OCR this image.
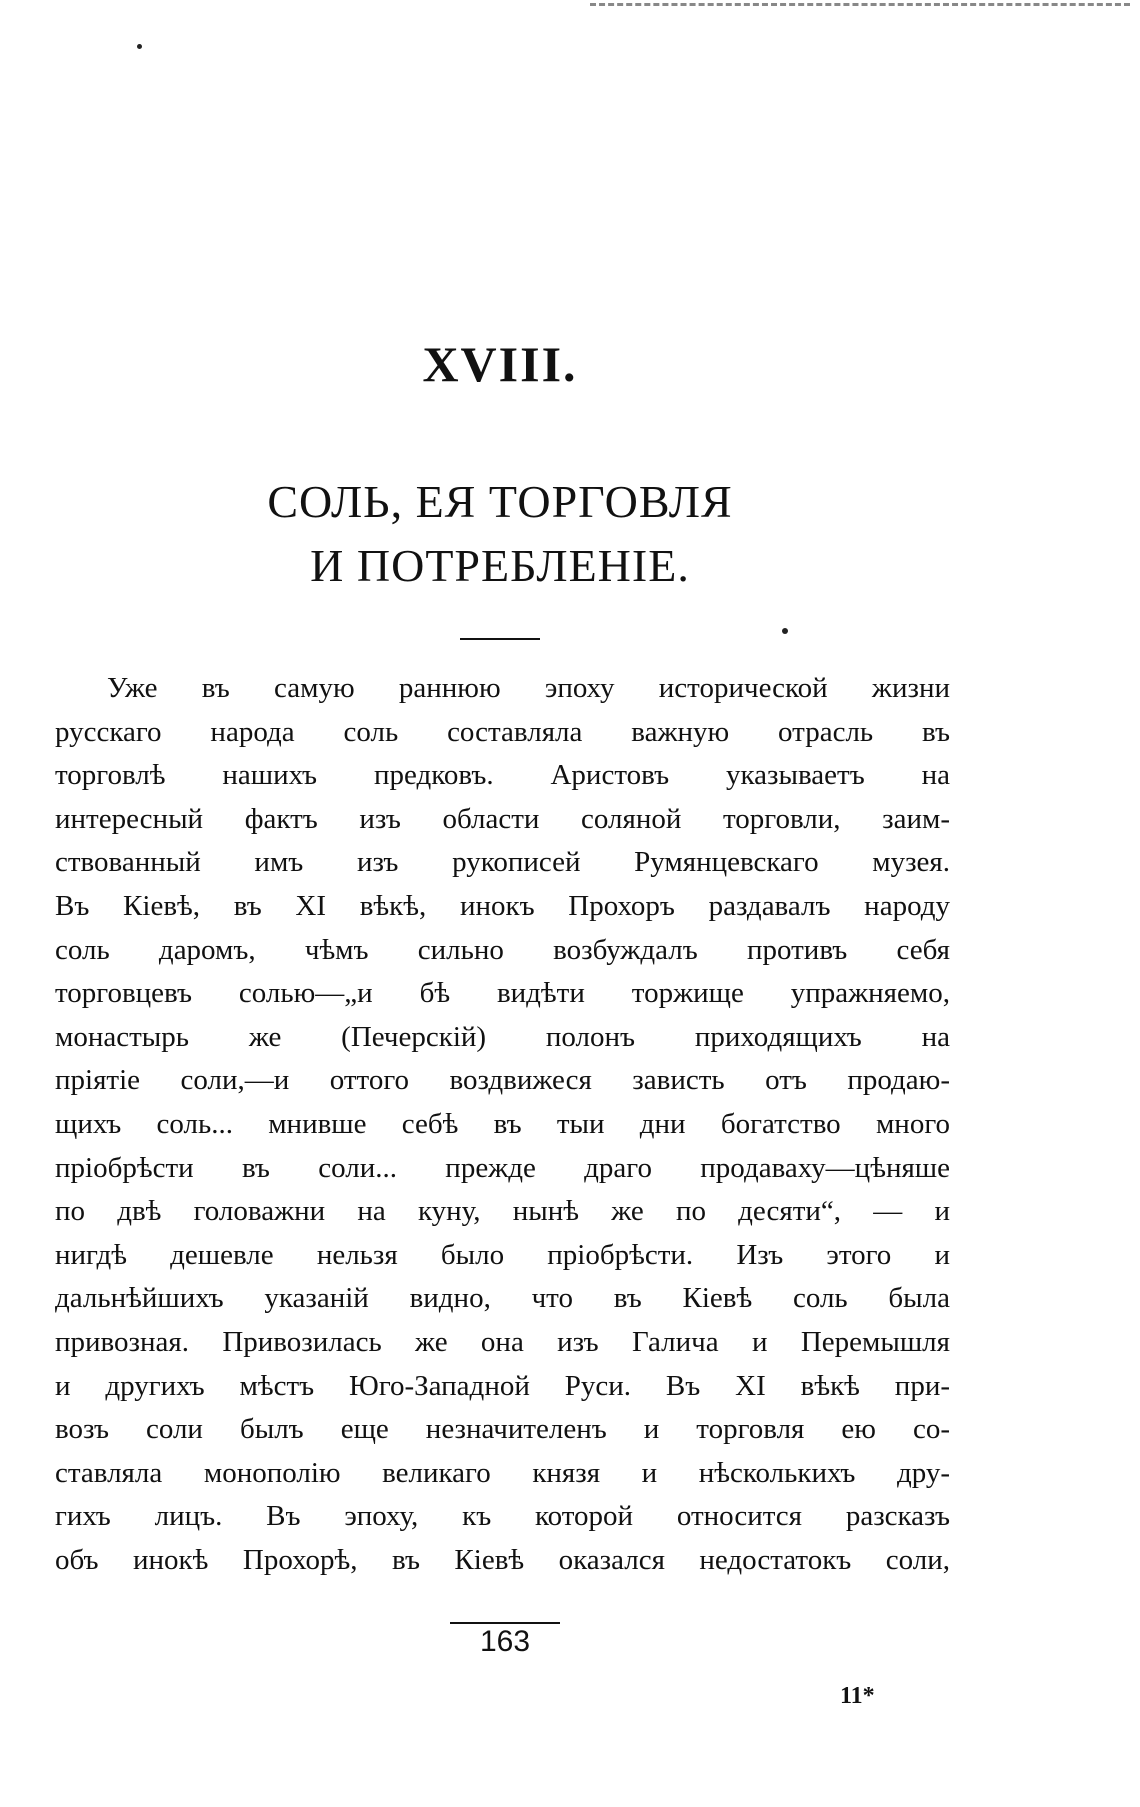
XVIII.
СОЛЬ, ЕЯ ТОРГОВЛЯ
И ПОТРЕБЛЕНІЕ.
Уже въ самую раннюю эпоху исторической жизни
русскаго народа соль составляла важную отрасль въ
торговлѣ нашихъ предковъ. Аристовъ указываетъ на
интересный фактъ изъ области соляной торговли, заим-
ствованный имъ изъ рукописей Румянцевскаго музея.
Въ Кіевѣ, въ XI вѣкѣ, инокъ Прохоръ раздавалъ народу
соль даромъ, чѣмъ сильно возбуждалъ противъ себя
торговцевъ солью—„и бѣ видѣти торжище упражняемо,
монастырь же (Печерскій) полонъ приходящихъ на
пріятіе соли,—и оттого воздвижеся зависть отъ продаю-
щихъ соль... мнивше себѣ въ тыи дни богатство много
пріобрѣсти въ соли... прежде драго продаваху—цѣняше
по двѣ головажни на куну, нынѣ же по десяти“, — и
нигдѣ дешевле нельзя было пріобрѣсти. Изъ этого и
дальнѣйшихъ указаній видно, что въ Кіевѣ соль была
привозная. Привозилась же она изъ Галича и Перемышля
и другихъ мѣстъ Юго-Западной Руси. Въ XI вѣкѣ при-
возъ соли былъ еще незначителенъ и торговля ею со-
ставляла монополію великаго князя и нѣсколькихъ дру-
гихъ лицъ. Въ эпоху, къ которой относится разсказъ
объ инокѣ Прохорѣ, въ Кіевѣ оказался недостатокъ соли,
163
11*
